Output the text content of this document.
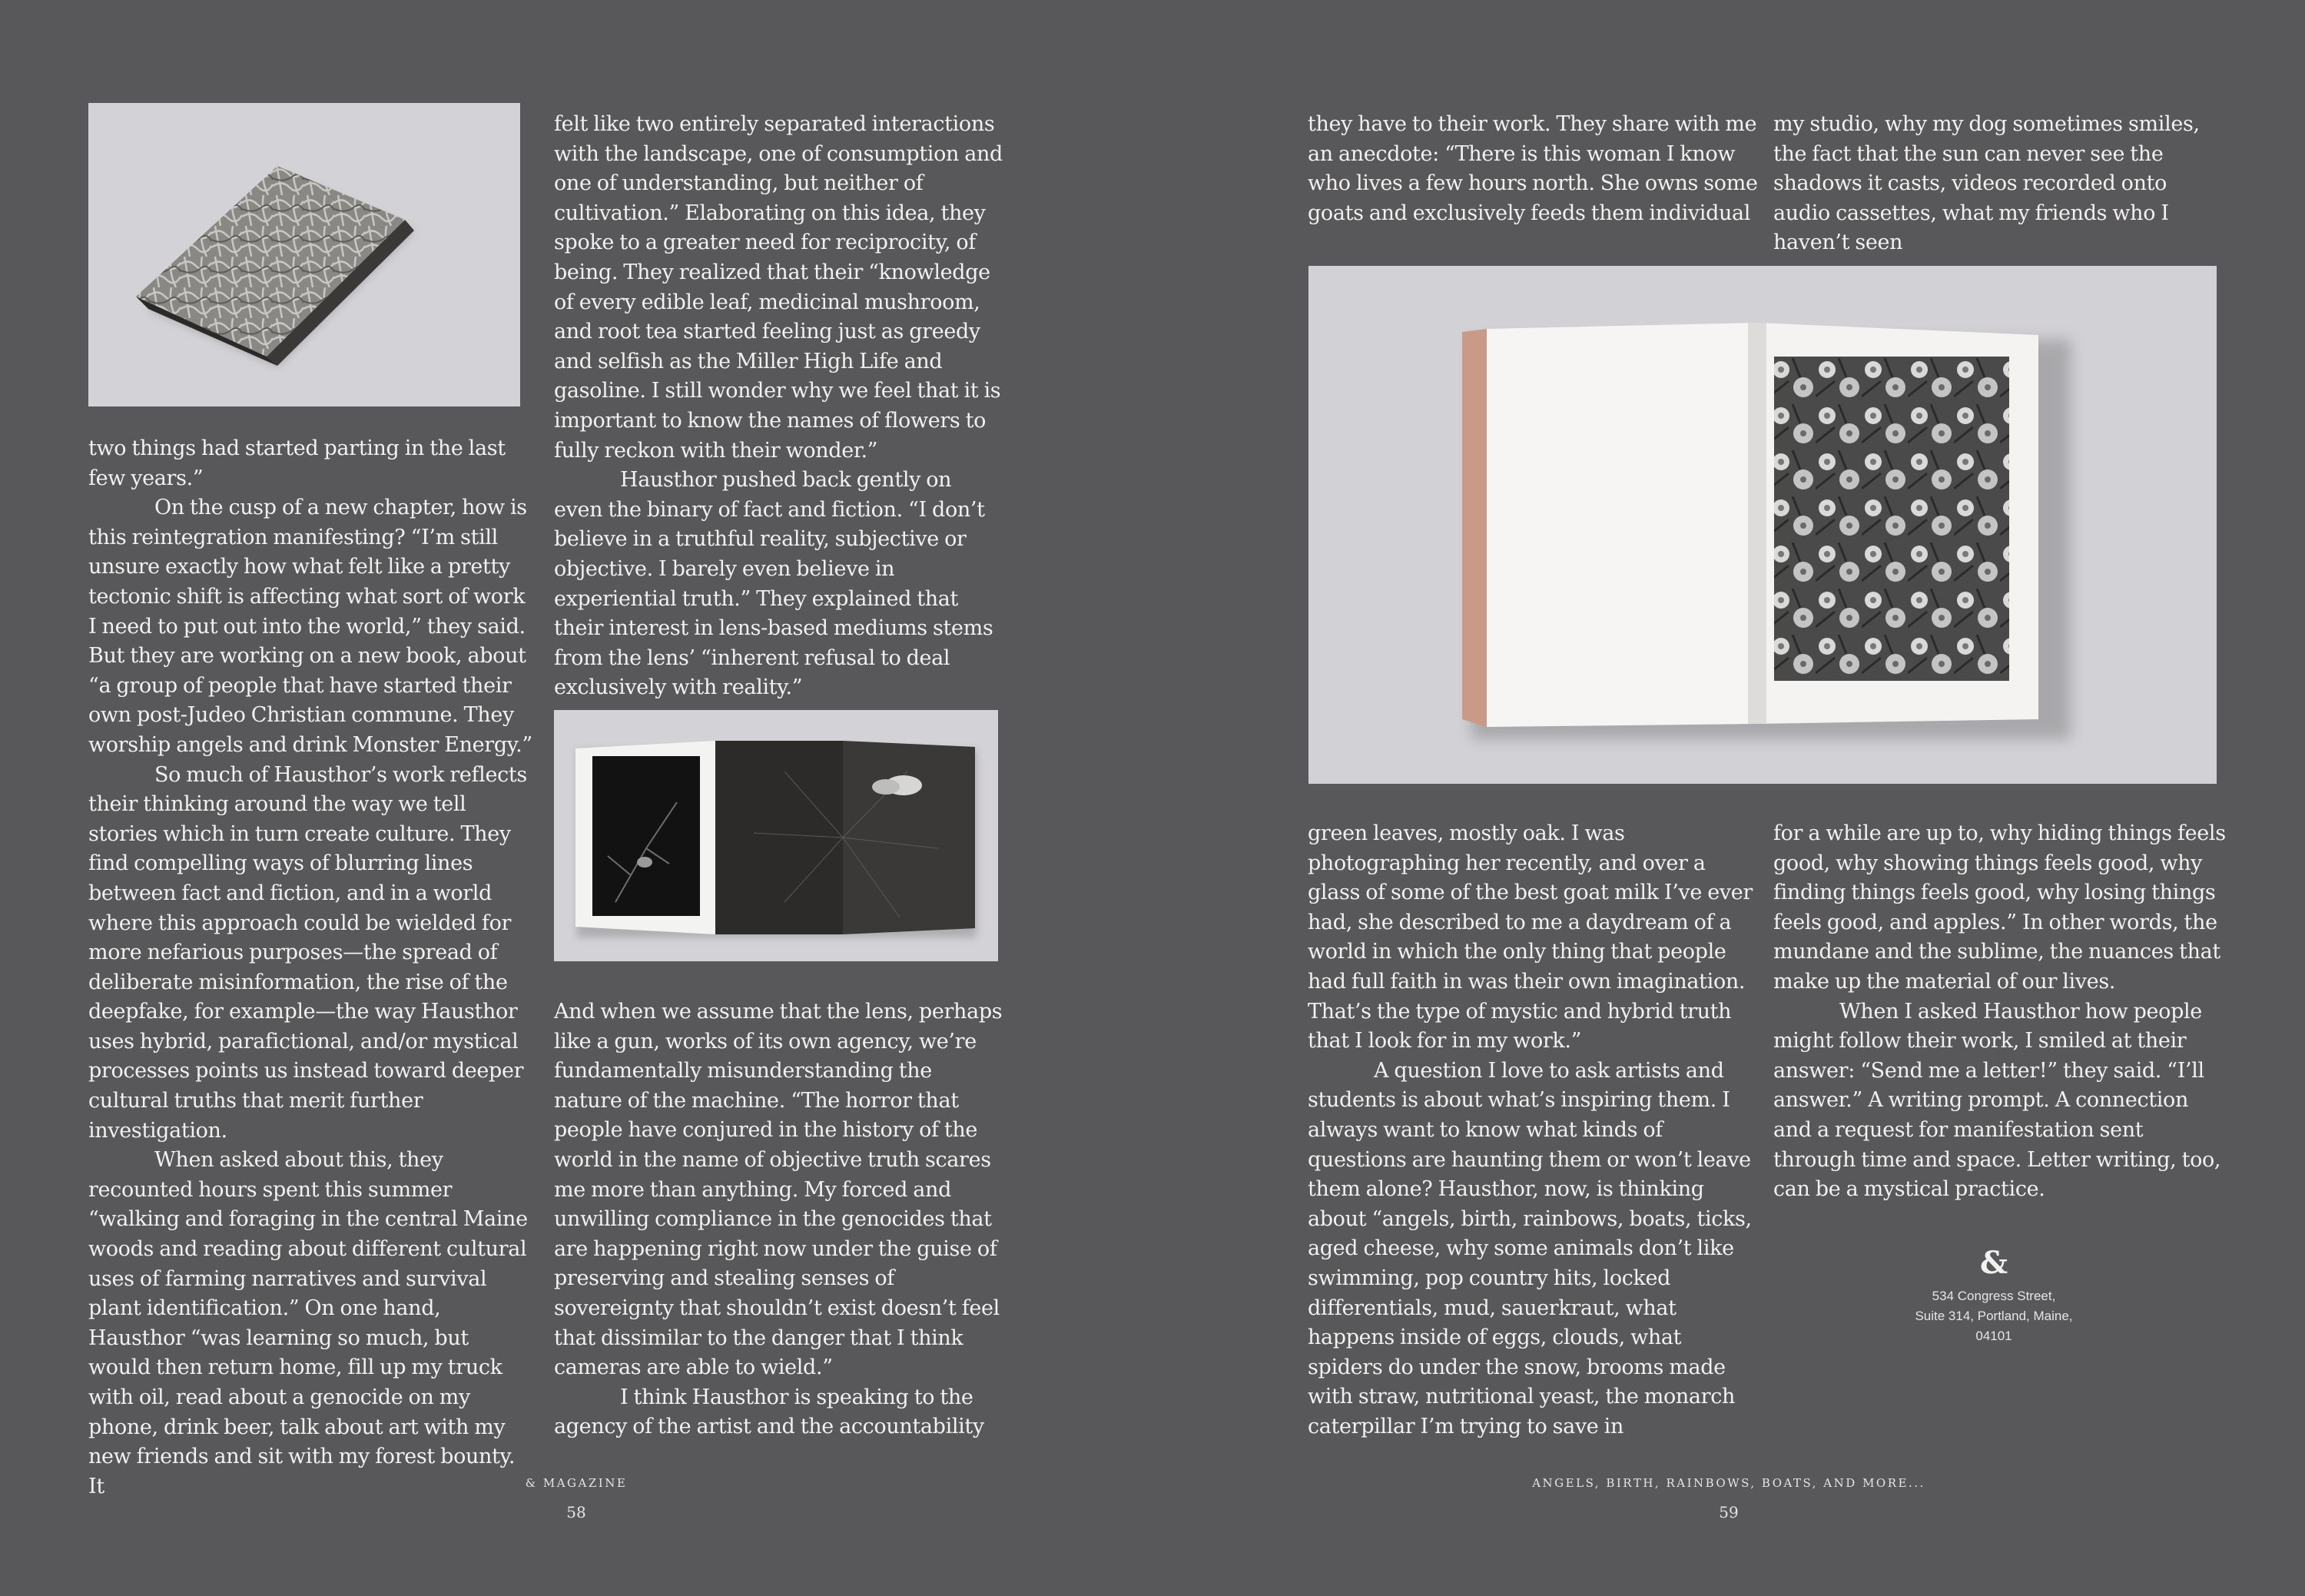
two things had started parting in the last few years.”

On the cusp of a new chapter, how is this reintegration manifesting? “I’m still unsure exactly how what felt like a pretty tectonic shift is affecting what sort of work I need to put out into the world,” they said. But they are working on a new book, about “a group of people that have started their own post-Judeo Christian commune. They worship angels and drink Monster Energy.”

So much of Hausthor’s work reflects their thinking around the way we tell stories which in turn create culture. They find compelling ways of blurring lines between fact and fiction, and in a world where this approach could be wielded for more nefarious purposes—the spread of deliberate misinformation, the rise of the deepfake, for example—the way Hausthor uses hybrid, parafictional, and/or mystical processes points us instead toward deeper cultural truths that merit further investigation.

When asked about this, they recounted hours spent this summer “walking and foraging in the central Maine woods and reading about different cultural uses of farming narratives and survival plant identification.” On one hand, Hausthor “was learning so much, but would then return home, fill up my truck with oil, read about a genocide on my phone, drink beer, talk about art with my new friends and sit with my forest bounty. It

felt like two entirely separated interactions with the landscape, one of consumption and one of understanding, but neither of cultivation.” Elaborating on this idea, they spoke to a greater need for reciprocity, of being. They realized that their “knowledge of every edible leaf, medicinal mushroom, and root tea started feeling just as greedy and selfish as the Miller High Life and gasoline. I still wonder why we feel that it is important to know the names of flowers to fully reckon with their wonder.”

Hausthor pushed back gently on even the binary of fact and fiction. “I don’t believe in a truthful reality, subjective or objective. I barely even believe in experiential truth.” They explained that their interest in lens-based mediums stems from the lens’ “inherent refusal to deal exclusively with reality.”

And when we assume that the lens, perhaps like a gun, works of its own agency, we’re fundamentally misunderstanding the nature of the machine. “The horror that people have conjured in the history of the world in the name of objective truth scares me more than anything. My forced and unwilling compliance in the genocides that are happening right now under the guise of preserving and stealing senses of sovereignty that shouldn’t exist doesn’t feel that dissimilar to the danger that I think cameras are able to wield.”

I think Hausthor is speaking to the agency of the artist and the accountability

& MAGAZINE
58

they have to their work. They share with me an anecdote: “There is this woman I know who lives a few hours north. She owns some goats and exclusively feeds them individual

my studio, why my dog sometimes smiles, the fact that the sun can never see the shadows it casts, videos recorded onto audio cassettes, what my friends who I haven’t seen

green leaves, mostly oak. I was photographing her recently, and over a glass of some of the best goat milk I’ve ever had, she described to me a daydream of a world in which the only thing that people had full faith in was their own imagination. That’s the type of mystic and hybrid truth that I look for in my work.”

A question I love to ask artists and students is about what’s inspiring them. I always want to know what kinds of questions are haunting them or won’t leave them alone? Hausthor, now, is thinking about “angels, birth, rainbows, boats, ticks, aged cheese, why some animals don’t like swimming, pop country hits, locked differentials, mud, sauerkraut, what happens inside of eggs, clouds, what spiders do under the snow, brooms made with straw, nutritional yeast, the monarch caterpillar I’m trying to save in

for a while are up to, why hiding things feels good, why showing things feels good, why finding things feels good, why losing things feels good, and apples.” In other words, the mundane and the sublime, the nuances that make up the material of our lives.

When I asked Hausthor how people might follow their work, I smiled at their answer: “Send me a letter!” they said. “I’ll answer.” A writing prompt. A connection and a request for manifestation sent through time and space. Letter writing, too, can be a mystical practice.

&
534 Congress Street,
Suite 314, Portland, Maine,
04101
ANGELS, BIRTH, RAINBOWS, BOATS, AND MORE...
59
